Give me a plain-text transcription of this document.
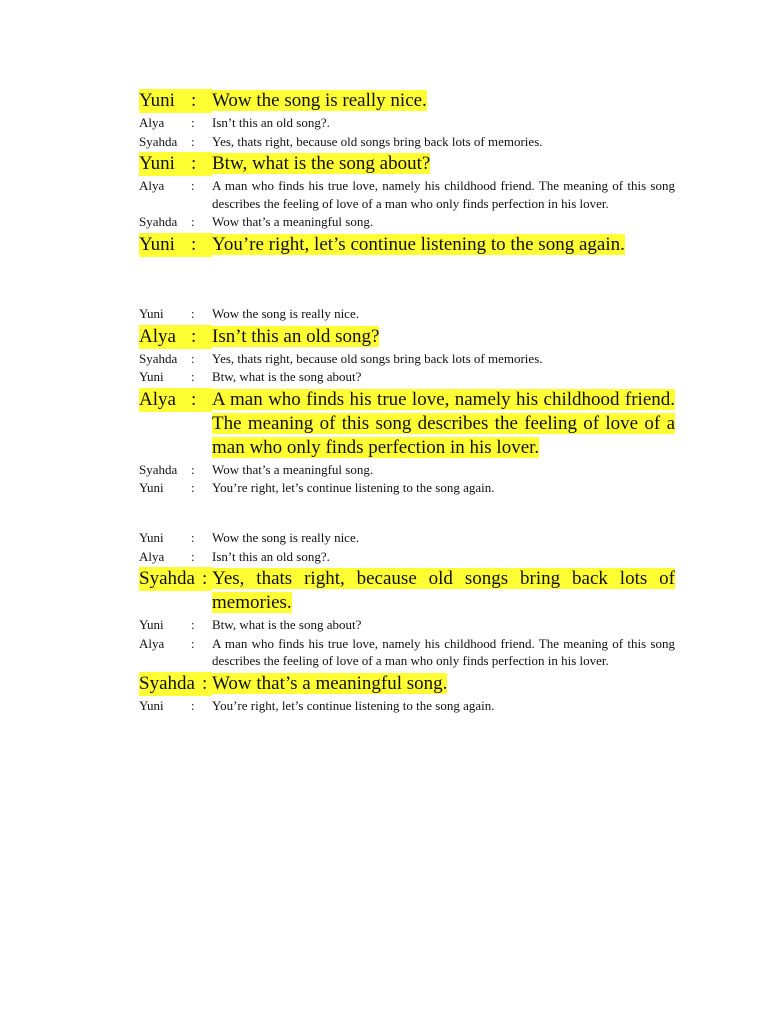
Yuni : Wow the song is really nice.
Alya	:	Isn’t this an old song?.
Syahda	:	Yes, thats right, because old songs bring back lots of memories.
Yuni : Btw, what is the song about?
Alya	:	A man who finds his true love, namely his childhood friend. The meaning of this song describes the feeling of love of a man who only finds perfection in his lover.
Syahda	:	Wow that’s a meaningful song.
Yuni : You’re right, let’s continue listening to the song again.
Yuni	:	Wow the song is really nice.
Alya : Isn’t this an old song?
Syahda	:	Yes, thats right, because old songs bring back lots of memories.
Yuni	:	Btw, what is the song about?
Alya : A man who finds his true love, namely his childhood friend. The meaning of this song describes the feeling of love of a man who only finds perfection in his lover.
Syahda	:	Wow that’s a meaningful song.
Yuni	:	You’re right, let’s continue listening to the song again.
Yuni	:	Wow the song is really nice.
Alya	:	Isn’t this an old song?.
Syahda : Yes, thats right, because old songs bring back lots of memories.
Yuni	:	Btw, what is the song about?
Alya	:	A man who finds his true love, namely his childhood friend. The meaning of this song describes the feeling of love of a man who only finds perfection in his lover.
Syahda : Wow that’s a meaningful song.
Yuni	:	You’re right, let’s continue listening to the song again.
